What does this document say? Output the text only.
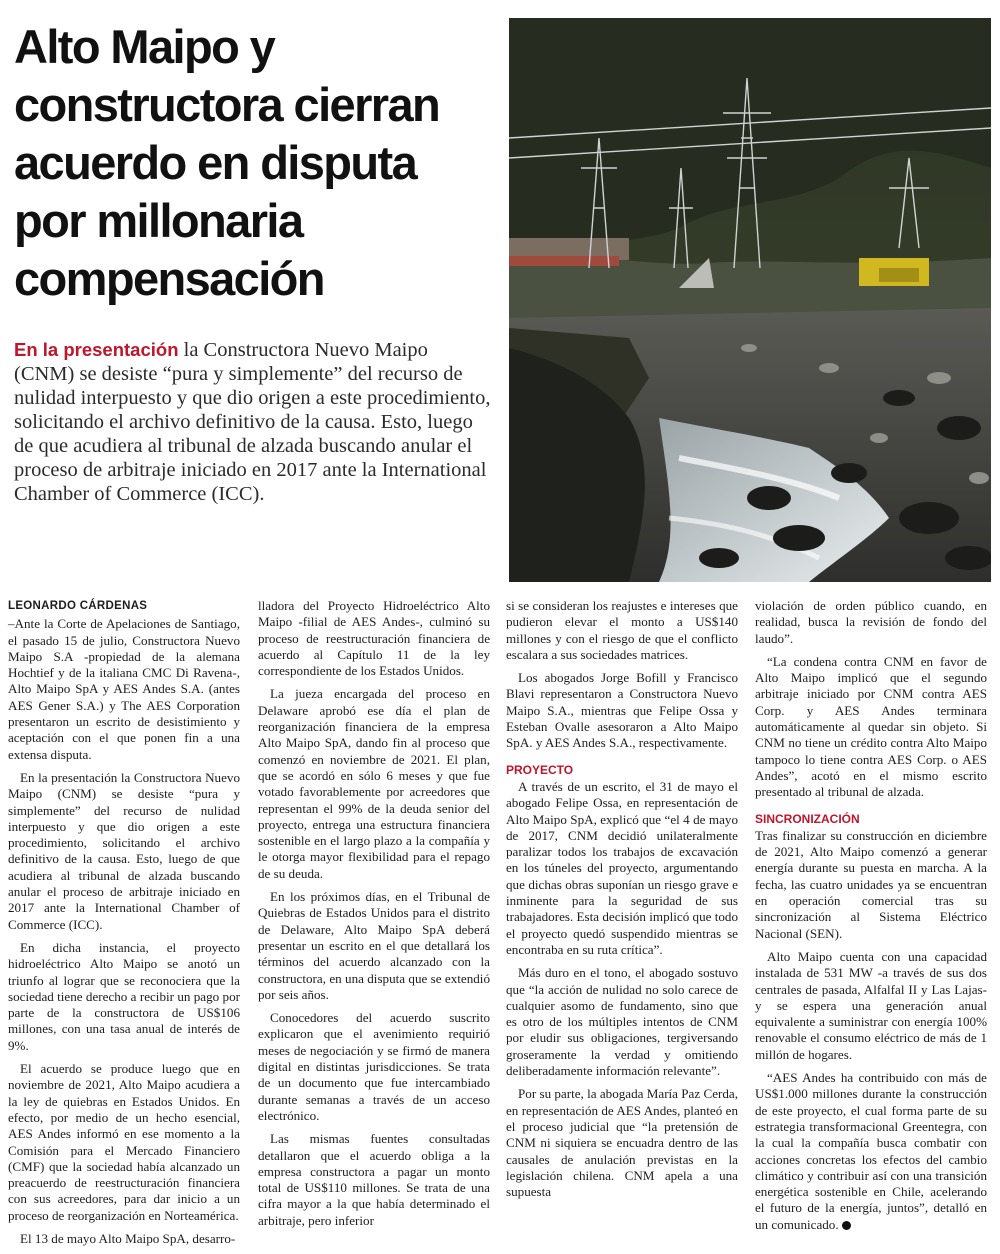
Alto Maipo y
constructora cierran
acuerdo en disputa
por millonaria
compensación
En la presentación la Constructora Nuevo Maipo (CNM) se desiste “pura y simplemente” del recurso de nulidad interpuesto y que dio origen a este procedimiento, solicitando el archivo definitivo de la causa. Esto, luego de que acudiera al tribunal de alzada buscando anular el proceso de arbitraje iniciado en 2017 ante la International Chamber of Commerce (ICC).
LEONARDO CÁRDENAS

–Ante la Corte de Apelaciones de Santiago, el pasado 15 de julio, Constructora Nuevo Maipo S.A -propiedad de la alemana Hochtief y de la italiana CMC Di Ravena-, Alto Maipo SpA y AES Andes S.A. (antes AES Gener S.A.) y The AES Corporation presentaron un escrito de desistimiento y aceptación con el que ponen fin a una extensa disputa.

En la presentación la Constructora Nuevo Maipo (CNM) se desiste “pura y simplemente” del recurso de nulidad interpuesto y que dio origen a este procedimiento, solicitando el archivo definitivo de la causa. Esto, luego de que acudiera al tribunal de alzada buscando anular el proceso de arbitraje iniciado en 2017 ante la International Chamber of Commerce (ICC).

En dicha instancia, el proyecto hidroeléctrico Alto Maipo se anotó un triunfo al lograr que se reconociera que la sociedad tiene derecho a recibir un pago por parte de la constructora de US$106 millones, con una tasa anual de interés de 9%.

El acuerdo se produce luego que en noviembre de 2021, Alto Maipo acudiera a la ley de quiebras en Estados Unidos. En efecto, por medio de un hecho esencial, AES Andes informó en ese momento a la Comisión para el Mercado Financiero (CMF) que la sociedad había alcanzado un preacuerdo de reestructuración financiera con sus acreedores, para dar inicio a un proceso de reorganización en Norteamérica.

El 13 de mayo Alto Maipo SpA, desarro-

lladora del Proyecto Hidroeléctrico Alto Maipo -filial de AES Andes-, culminó su proceso de reestructuración financiera de acuerdo al Capítulo 11 de la ley correspondiente de los Estados Unidos.

La jueza encargada del proceso en Delaware aprobó ese día el plan de reorganización financiera de la empresa Alto Maipo SpA, dando fin al proceso que comenzó en noviembre de 2021. El plan, que se acordó en sólo 6 meses y que fue votado favorablemente por acreedores que representan el 99% de la deuda senior del proyecto, entrega una estructura financiera sostenible en el largo plazo a la compañía y le otorga mayor flexibilidad para el repago de su deuda.

En los próximos días, en el Tribunal de Quiebras de Estados Unidos para el distrito de Delaware, Alto Maipo SpA deberá presentar un escrito en el que detallará los términos del acuerdo alcanzado con la constructora, en una disputa que se extendió por seis años.

Conocedores del acuerdo suscrito explicaron que el avenimiento requirió meses de negociación y se firmó de manera digital en distintas jurisdicciones. Se trata de un documento que fue intercambiado durante semanas a través de un acceso electrónico.

Las mismas fuentes consultadas detallaron que el acuerdo obliga a la empresa constructora a pagar un monto total de US$110 millones. Se trata de una cifra mayor a la que había determinado el arbitraje, pero inferior

si se consideran los reajustes e intereses que pudieron elevar el monto a US$140 millones y con el riesgo de que el conflicto escalara a sus sociedades matrices.

Los abogados Jorge Bofill y Francisco Blavi representaron a Constructora Nuevo Maipo S.A., mientras que Felipe Ossa y Esteban Ovalle asesoraron a Alto Maipo SpA. y AES Andes S.A., respectivamente.

PROYECTO

A través de un escrito, el 31 de mayo el abogado Felipe Ossa, en representación de Alto Maipo SpA, explicó que “el 4 de mayo de 2017, CNM decidió unilateralmente paralizar todos los trabajos de excavación en los túneles del proyecto, argumentando que dichas obras suponían un riesgo grave e inminente para la seguridad de sus trabajadores. Esta decisión implicó que todo el proyecto quedó suspendido mientras se encontraba en su ruta crítica”.

Más duro en el tono, el abogado sostuvo que “la acción de nulidad no solo carece de cualquier asomo de fundamento, sino que es otro de los múltiples intentos de CNM por eludir sus obligaciones, tergiversando groseramente la verdad y omitiendo deliberadamente información relevante”.

Por su parte, la abogada María Paz Cerda, en representación de AES Andes, planteó en el proceso judicial que “la pretensión de CNM ni siquiera se encuadra dentro de las causales de anulación previstas en la legislación chilena. CNM apela a una supuesta

violación de orden público cuando, en realidad, busca la revisión de fondo del laudo”.

“La condena contra CNM en favor de Alto Maipo implicó que el segundo arbitraje iniciado por CNM contra AES Corp. y AES Andes terminara automáticamente al quedar sin objeto. Si CNM no tiene un crédito contra Alto Maipo tampoco lo tiene contra AES Corp. o AES Andes”, acotó en el mismo escrito presentado al tribunal de alzada.

SINCRONIZACIÓN

Tras finalizar su construcción en diciembre de 2021, Alto Maipo comenzó a generar energía durante su puesta en marcha. A la fecha, las cuatro unidades ya se encuentran en operación comercial tras su sincronización al Sistema Eléctrico Nacional (SEN).

Alto Maipo cuenta con una capacidad instalada de 531 MW -a través de sus dos centrales de pasada, Alfalfal II y Las Lajas- y se espera una generación anual equivalente a suministrar con energía 100% renovable el consumo eléctrico de más de 1 millón de hogares.

“AES Andes ha contribuido con más de US$1.000 millones durante la construcción de este proyecto, el cual forma parte de su estrategia transformacional Greentegra, con la cual la compañía busca combatir con acciones concretas los efectos del cambio climático y contribuir así con una transición energética sostenible en Chile, acelerando el futuro de la energía, juntos”, detalló en un comunicado.
